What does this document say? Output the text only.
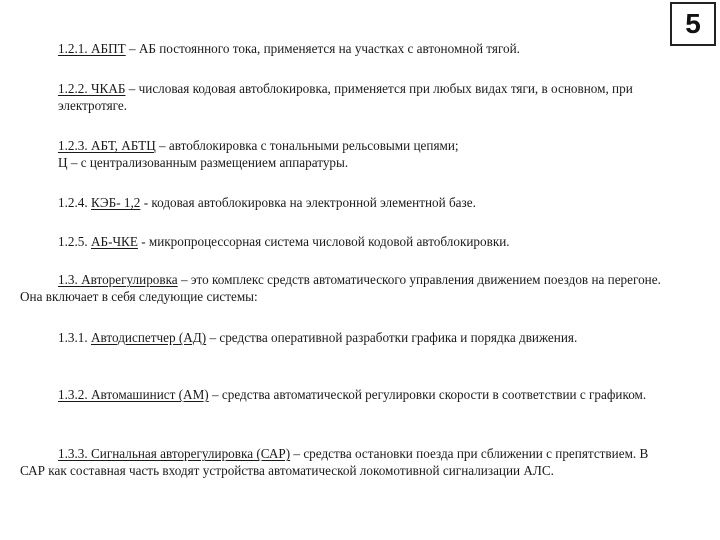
5

1.2.1. АБПТ – АБ постоянного тока, применяется на участках с автономной тягой.

1.2.2. ЧКАБ – числовая кодовая автоблокировка, применяется при любых видах тяги, в основном, при электротяге.

1.2.3. АБТ, АБТЦ – автоблокировка с тональными рельсовыми цепями;
Ц – с централизованным размещением аппаратуры.

1.2.4. КЭБ- 1,2 - кодовая автоблокировка на электронной элементной базе.

1.2.5. АБ-ЧКЕ - микропроцессорная система числовой кодовой автоблокировки.

1.3. Авторегулировка – это комплекс средств автоматического управления движением поездов на перегоне. Она включает в себя следующие системы:

1.3.1. Автодиспетчер (АД) – средства оперативной разработки графика и порядка движения.

1.3.2. Автомашинист (АМ) – средства автоматической регулировки скорости в соответствии с графиком.

1.3.3. Сигнальная авторегулировка (САР) – средства остановки поезда при сближении с препятствием. В САР как составная часть входят устройства автоматической локомотивной сигнализации АЛС.
